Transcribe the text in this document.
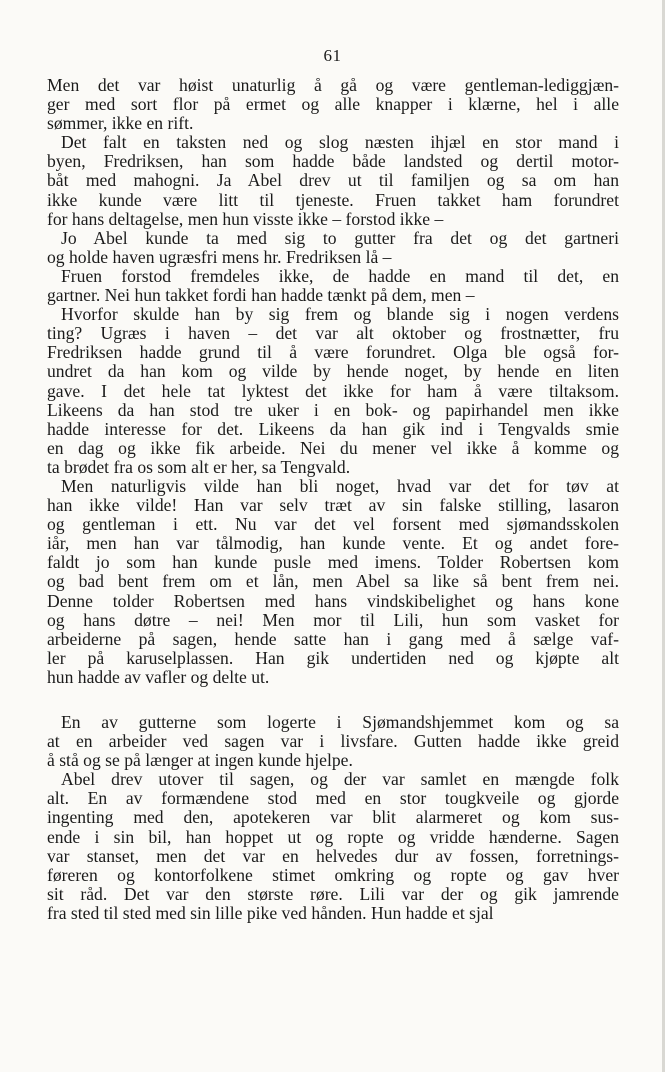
61
Men det var høist unaturlig å gå og være gentleman-lediggjæn-
ger med sort flor på ermet og alle knapper i klærne, hel i alle
sømmer, ikke en rift.
Det falt en taksten ned og slog næsten ihjæl en stor mand i
byen, Fredriksen, han som hadde både landsted og dertil motor-
båt med mahogni. Ja Abel drev ut til familjen og sa om han
ikke kunde være litt til tjeneste. Fruen takket ham forundret
for hans deltagelse, men hun visste ikke – forstod ikke –
Jo Abel kunde ta med sig to gutter fra det og det gartneri
og holde haven ugræsfri mens hr. Fredriksen lå –
Fruen forstod fremdeles ikke, de hadde en mand til det, en
gartner. Nei hun takket fordi han hadde tænkt på dem, men –
Hvorfor skulde han by sig frem og blande sig i nogen verdens
ting? Ugræs i haven – det var alt oktober og frostnætter, fru
Fredriksen hadde grund til å være forundret. Olga ble også for-
undret da han kom og vilde by hende noget, by hende en liten
gave. I det hele tat lyktest det ikke for ham å være tiltaksom.
Likeens da han stod tre uker i en bok- og papirhandel men ikke
hadde interesse for det. Likeens da han gik ind i Tengvalds smie
en dag og ikke fik arbeide. Nei du mener vel ikke å komme og
ta brødet fra os som alt er her, sa Tengvald.
Men naturligvis vilde han bli noget, hvad var det for tøv at
han ikke vilde! Han var selv træt av sin falske stilling, lasaron
og gentleman i ett. Nu var det vel forsent med sjømandsskolen
iår, men han var tålmodig, han kunde vente. Et og andet fore-
faldt jo som han kunde pusle med imens. Tolder Robertsen kom
og bad bent frem om et lån, men Abel sa like så bent frem nei.
Denne tolder Robertsen med hans vindskibelighet og hans kone
og hans døtre – nei! Men mor til Lili, hun som vasket for
arbeiderne på sagen, hende satte han i gang med å sælge vaf-
ler på karuselplassen. Han gik undertiden ned og kjøpte alt
hun hadde av vafler og delte ut.
En av gutterne som logerte i Sjømandshjemmet kom og sa
at en arbeider ved sagen var i livsfare. Gutten hadde ikke greid
å stå og se på længer at ingen kunde hjelpe.
Abel drev utover til sagen, og der var samlet en mængde folk
alt. En av formændene stod med en stor tougkveile og gjorde
ingenting med den, apotekeren var blit alarmeret og kom sus-
ende i sin bil, han hoppet ut og ropte og vridde hænderne. Sagen
var stanset, men det var en helvedes dur av fossen, forretnings-
føreren og kontorfolkene stimet omkring og ropte og gav hver
sit råd. Det var den største røre. Lili var der og gik jamrende
fra sted til sted med sin lille pike ved hånden. Hun hadde et sjal
